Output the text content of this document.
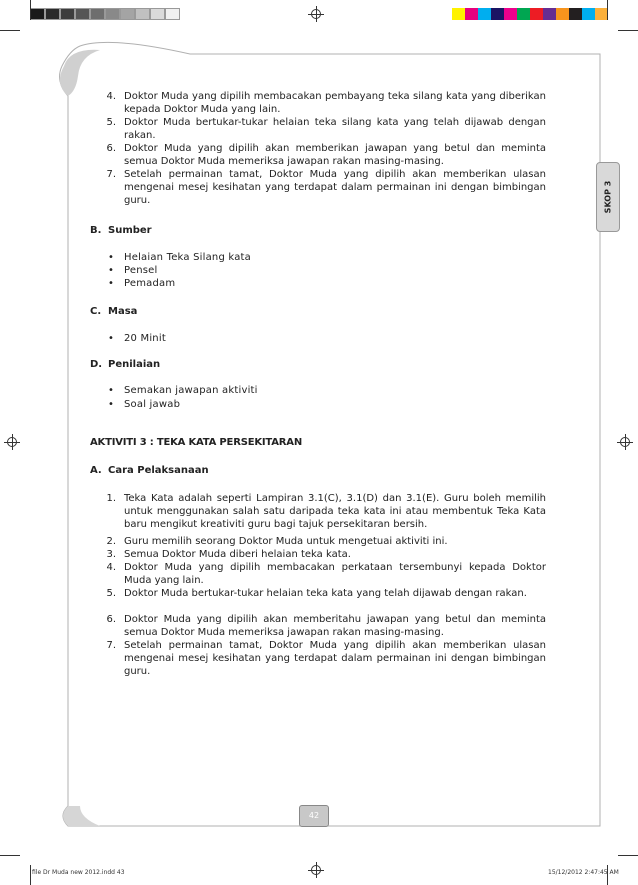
SKOP 3
4. Doktor Muda yang dipilih membacakan pembayang teka silang kata yang diberikan kepada Doktor Muda yang lain.
5. Doktor Muda bertukar-tukar helaian teka silang kata yang telah dijawab dengan rakan.
6. Doktor Muda yang dipilih akan memberikan jawapan yang betul dan meminta semua Doktor Muda memeriksa jawapan rakan masing-masing.
7. Setelah permainan tamat, Doktor Muda yang dipilih akan memberikan ulasan mengenai mesej kesihatan yang terdapat dalam permainan ini dengan bimbingan guru.
B. Sumber
• Helaian Teka Silang kata
• Pensel
• Pemadam
C. Masa
• 20 Minit
D. Penilaian
• Semakan jawapan aktiviti
• Soal jawab
AKTIVITI 3 : TEKA KATA PERSEKITARAN
A. Cara Pelaksanaan
1. Teka Kata adalah seperti Lampiran 3.1(C), 3.1(D) dan 3.1(E). Guru boleh memilih untuk menggunakan salah satu daripada teka kata ini atau membentuk Teka Kata baru mengikut kreativiti guru bagi tajuk persekitaran bersih.
2. Guru memilih seorang Doktor Muda untuk mengetuai aktiviti ini.
3. Semua Doktor Muda diberi helaian teka kata.
4. Doktor Muda yang dipilih membacakan perkataan tersembunyi kepada Doktor Muda yang lain.
5. Doktor Muda bertukar-tukar helaian teka kata yang telah dijawab dengan rakan.
6. Doktor Muda yang dipilih akan memberitahu jawapan yang betul dan meminta semua Doktor Muda memeriksa jawapan rakan masing-masing.
7. Setelah permainan tamat, Doktor Muda yang dipilih akan memberikan ulasan mengenai mesej kesihatan yang terdapat dalam permainan ini dengan bimbingan guru.
42
file Dr Muda new 2012.indd 43	15/12/2012 2:47:45 AM
